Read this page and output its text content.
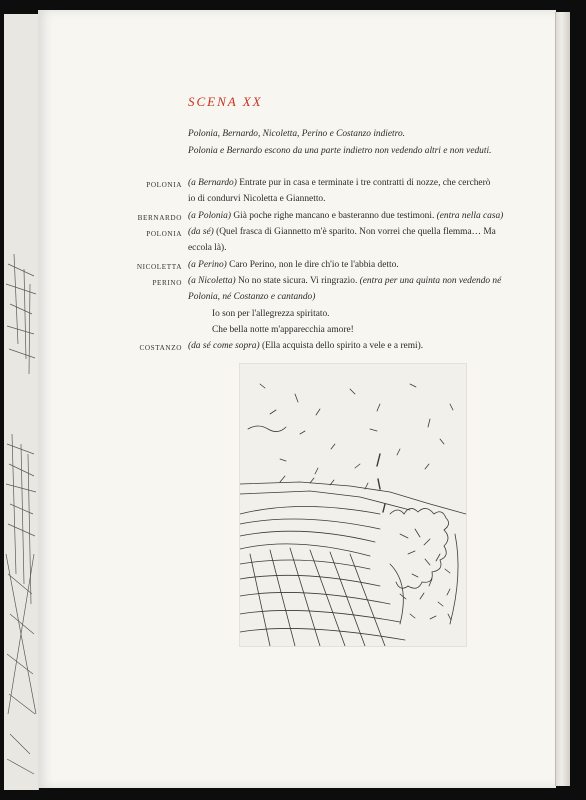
SCENA XX
Polonia, Bernardo, Nicoletta, Perino e Costanzo indietro.
Polonia e Bernardo escono da una parte indietro non vedendo altri e non veduti.
POLONIA (a Bernardo) Entrate pur in casa e terminate i tre contratti di nozze, che cercherò
io di condurvi Nicoletta e Giannetto.
BERNARDO (a Polonia) Già poche righe mancano e basteranno due testimoni. (entra nella casa)
POLONIA (da sé) (Quel frasca di Giannetto m'è sparito. Non vorrei che quella flemma… Ma
eccola là).
NICOLETTA (a Perino) Caro Perino, non le dire ch'io te l'abbia detto.
PERINO (a Nicoletta) No no state sicura. Vi ringrazio. (entra per una quinta non vedendo né
Polonia, né Costanzo e cantando)
Io son per l'allegrezza spiritato.
Che bella notte m'apparecchia amore!
COSTANZO (da sé come sopra) (Ella acquista dello spirito a vele e a remi).
